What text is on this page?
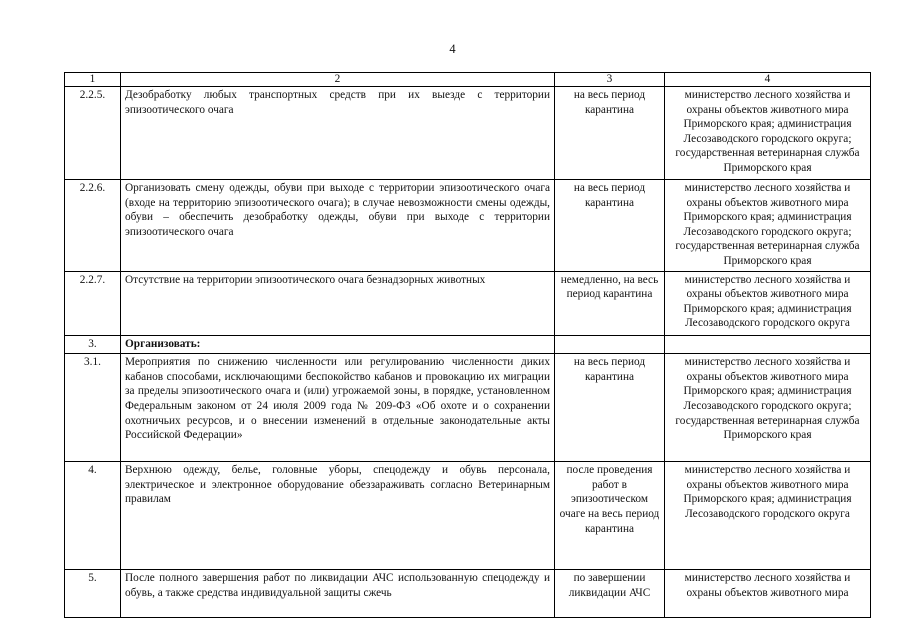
4
1	2	3	4
2.2.5.	Дезобработку любых транспортных средств при их выезде с территории эпизоотического очага	на весь период карантина	министерство лесного хозяйства и охраны объектов животного мира Приморского края; администрация Лесозаводского городского округа; государственная ветеринарная служба Приморского края
2.2.6.	Организовать смену одежды, обуви при выходе с территории эпизоотического очага (входе на территорию эпизоотического очага); в случае невозможности смены одежды, обуви – обеспечить дезобработку одежды, обуви при выходе с территории эпизоотического очага	на весь период карантина	министерство лесного хозяйства и охраны объектов животного мира Приморского края; администрация Лесозаводского городского округа; государственная ветеринарная служба Приморского края
2.2.7.	Отсутствие на территории эпизоотического очага безнадзорных животных	немедленно, на весь период карантина	министерство лесного хозяйства и охраны объектов животного мира Приморского края; администрация Лесозаводского городского округа
3.	Организовать:		
3.1.	Мероприятия по снижению численности или регулированию численности диких кабанов способами, исключающими беспокойство кабанов и провокацию их миграции за пределы эпизоотического очага и (или) угрожаемой зоны, в порядке, установленном Федеральным законом от 24 июля 2009 года № 209-ФЗ «Об охоте и о сохранении охотничьих ресурсов, и о внесении изменений в отдельные законодательные акты Российской Федерации»	на весь период карантина	министерство лесного хозяйства и охраны объектов животного мира Приморского края; администрация Лесозаводского городского округа; государственная ветеринарная служба Приморского края
4.	Верхнюю одежду, белье, головные уборы, спецодежду и обувь персонала, электрическое и электронное оборудование обеззараживать согласно Ветеринарным правилам	после проведения работ в эпизоотическом очаге на весь период карантина	министерство лесного хозяйства и охраны объектов животного мира Приморского края; администрация Лесозаводского городского округа
5.	После полного завершения работ по ликвидации АЧС использованную спецодежду и обувь, а также средства индивидуальной защиты сжечь	по завершении ликвидации АЧС	министерство лесного хозяйства и охраны объектов животного мира
